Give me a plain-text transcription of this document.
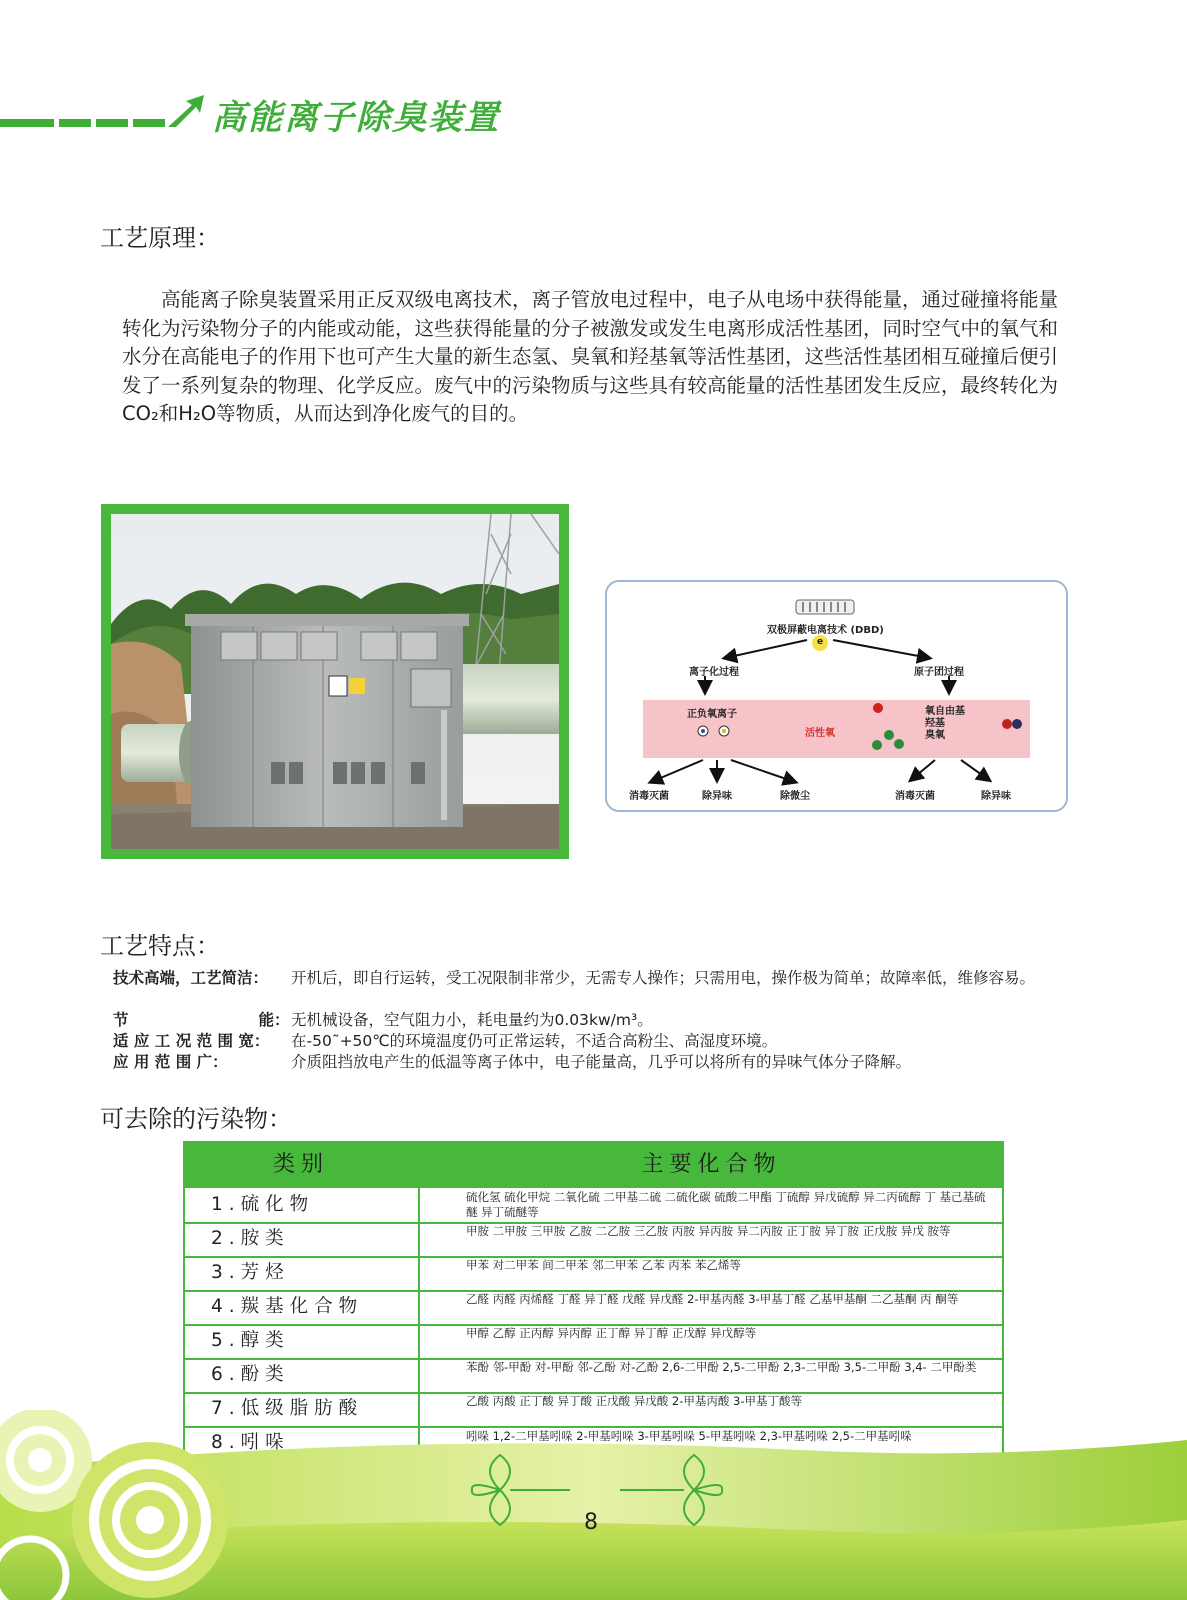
高能离子除臭装置
工艺原理：
高能离子除臭装置采用正反双级电离技术，离子管放电过程中，电子从电场中获得能量，通过碰撞将能量转化为污染物分子的内能或动能，这些获得能量的分子被激发或发生电离形成活性基团，同时空气中的氧气和水分在高能电子的作用下也可产生大量的新生态氢、臭氧和羟基氧等活性基团，这些活性基团相互碰撞后便引发了一系列复杂的物理、化学反应。废气中的污染物质与这些具有较高能量的活性基团发生反应，最终转化为CO₂和H₂O等物质，从而达到净化废气的目的。
双极屏蔽电离技术 (DBD)
e
离子化过程	原子团过程
正负氧离子
活性氧
氧自由基
羟基
臭氧
消毒灭菌	除异味	除微尘	消毒灭菌	除异味
工艺特点：
技术高端，工艺简洁： 开机后，即自行运转，受工况限制非常少，无需专人操作；只需用电，操作极为简单；故障率低，维修容易。
节	能： 无机械设备，空气阻力小，耗电量约为0.03kw/m³。
适 应 工 况 范 围 宽： 在-50˜+50℃的环境温度仍可正常运转，不适合高粉尘、高湿度环境。
应 用 范 围 广：	介质阻挡放电产生的低温等离子体中，电子能量高，几乎可以将所有的异味气体分子降解。
可去除的污染物：
类别	主要化合物
1.硫化物	硫化氢 硫化甲烷 二氧化硫 二甲基二硫 二硫化碳 硫酸二甲酯 丁硫醇 异戊硫醇 异二丙硫醇 丁 基己基硫醚 异丁硫醚等
2.胺类	甲胺 二甲胺 三甲胺 乙胺 二乙胺 三乙胺 丙胺 异丙胺 异二丙胺 正丁胺 异丁胺 正戊胺 异戊 胺等
3.芳烃	甲苯 对二甲苯 间二甲苯 邻二甲苯 乙苯 丙苯 苯乙烯等
4.羰基化合物	乙醛 丙醛 丙烯醛 丁醛 异丁醛 戊醛 异戊醛 2-甲基丙醛 3-甲基丁醛 乙基甲基酮 二乙基酮 丙 酮等
5.醇类	甲醇 乙醇 正丙醇 异丙醇 正丁醇 异丁醇 正戊醇 异戊醇等
6.酚类	苯酚 邻-甲酚 对-甲酚 邻-乙酚 对-乙酚 2,6-二甲酚 2,5-二甲酚 2,3-二甲酚 3,5-二甲酚 3,4- 二甲酚类
7.低级脂肪酸	乙酸 丙酸 正丁酸 异丁酸 正戊酸 异戊酸 2-甲基丙酸 3-甲基丁酸等
8.吲哚	吲哚 1,2-二甲基吲哚 2-甲基吲哚 3-甲基吲哚 5-甲基吲哚 2,3-甲基吲哚 2,5-二甲基吲哚
8
